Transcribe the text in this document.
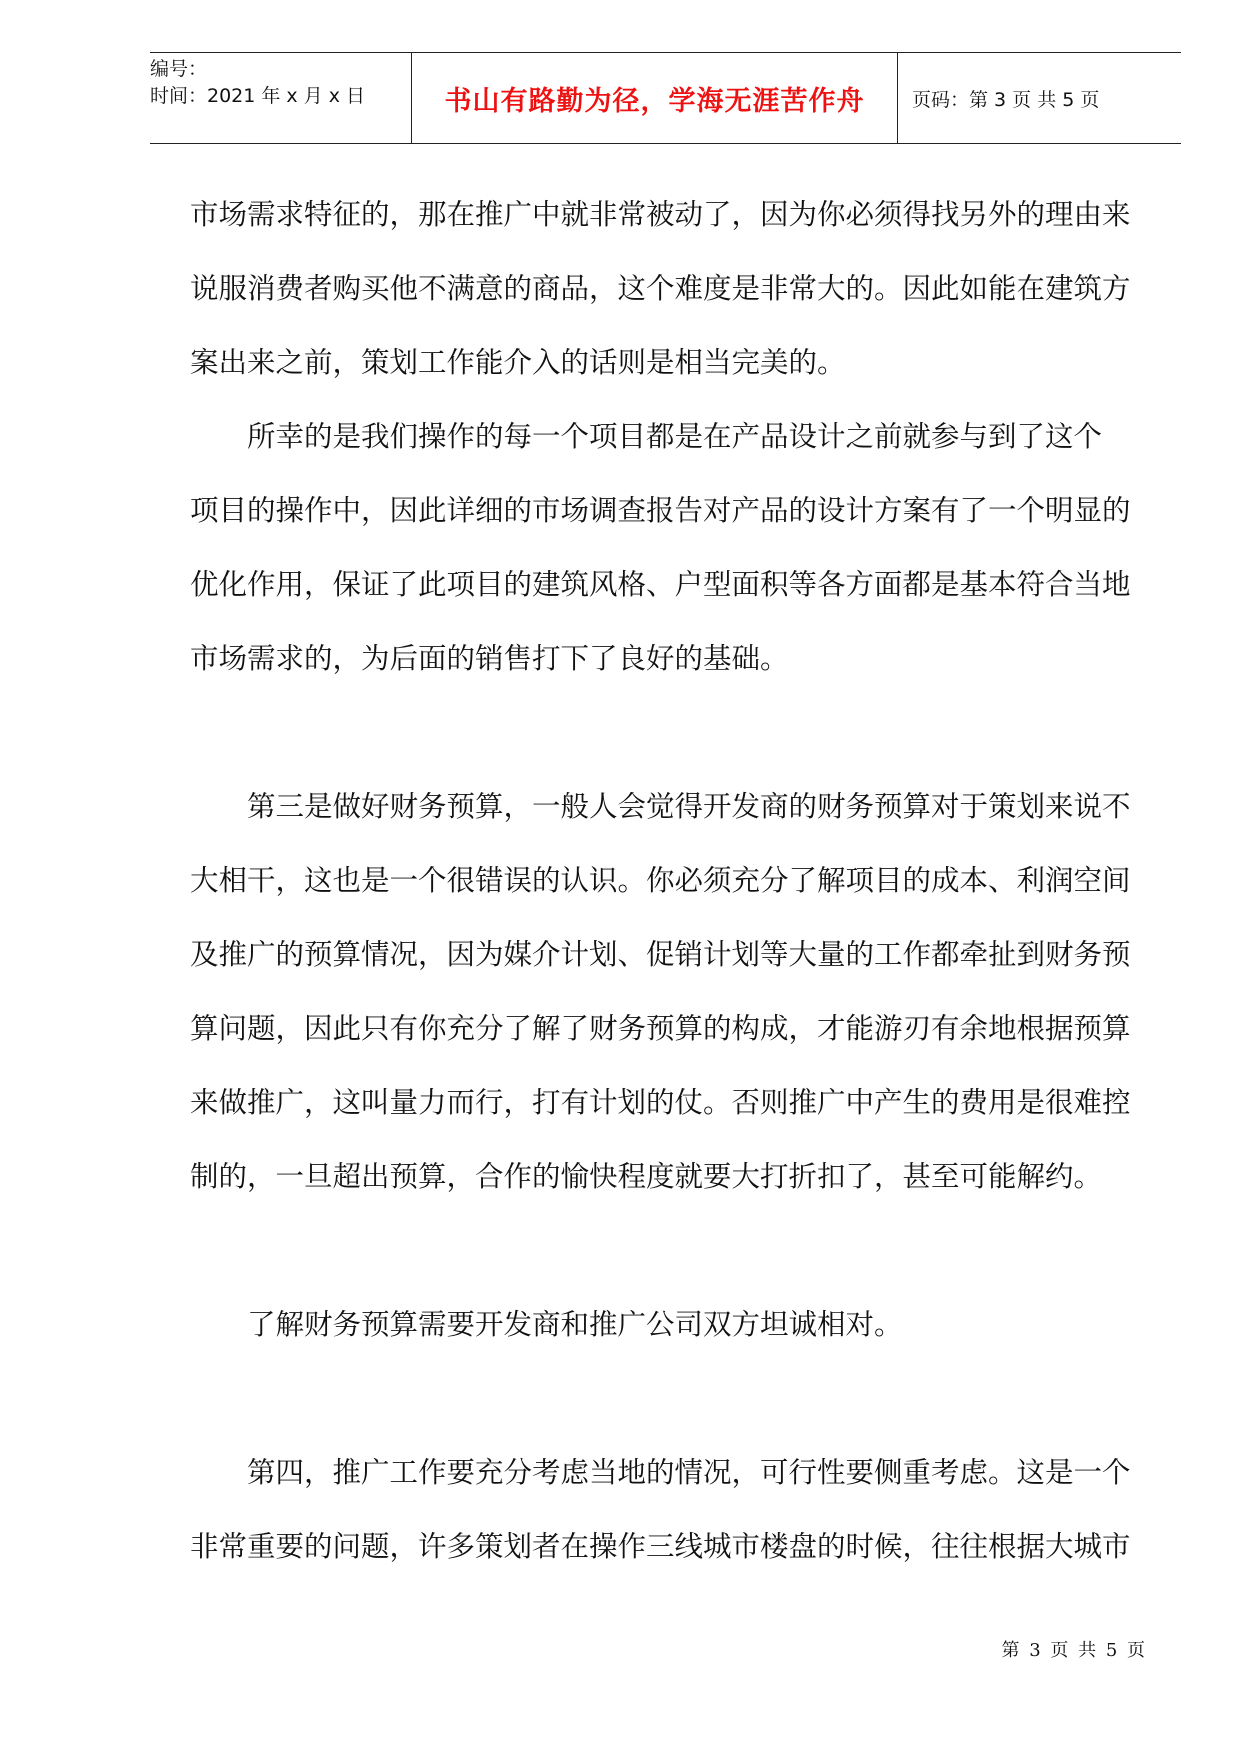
编号：
时间：2021 年 x 月 x 日	书山有路勤为径，学海无涯苦作舟	页码：第 3 页 共 5 页

市场需求特征的，那在推广中就非常被动了，因为你必须得找另外的理由来
说服消费者购买他不满意的商品，这个难度是非常大的。因此如能在建筑方
案出来之前，策划工作能介入的话则是相当完美的。

所幸的是我们操作的每一个项目都是在产品设计之前就参与到了这个
项目的操作中，因此详细的市场调查报告对产品的设计方案有了一个明显的
优化作用，保证了此项目的建筑风格、户型面积等各方面都是基本符合当地
市场需求的，为后面的销售打下了良好的基础。

第三是做好财务预算，一般人会觉得开发商的财务预算对于策划来说不
大相干，这也是一个很错误的认识。你必须充分了解项目的成本、利润空间
及推广的预算情况，因为媒介计划、促销计划等大量的工作都牵扯到财务预
算问题，因此只有你充分了解了财务预算的构成，才能游刃有余地根据预算
来做推广，这叫量力而行，打有计划的仗。否则推广中产生的费用是很难控
制的，一旦超出预算，合作的愉快程度就要大打折扣了，甚至可能解约。

了解财务预算需要开发商和推广公司双方坦诚相对。

第四，推广工作要充分考虑当地的情况，可行性要侧重考虑。这是一个
非常重要的问题，许多策划者在操作三线城市楼盘的时候，往往根据大城市

第 3 页 共 5 页
